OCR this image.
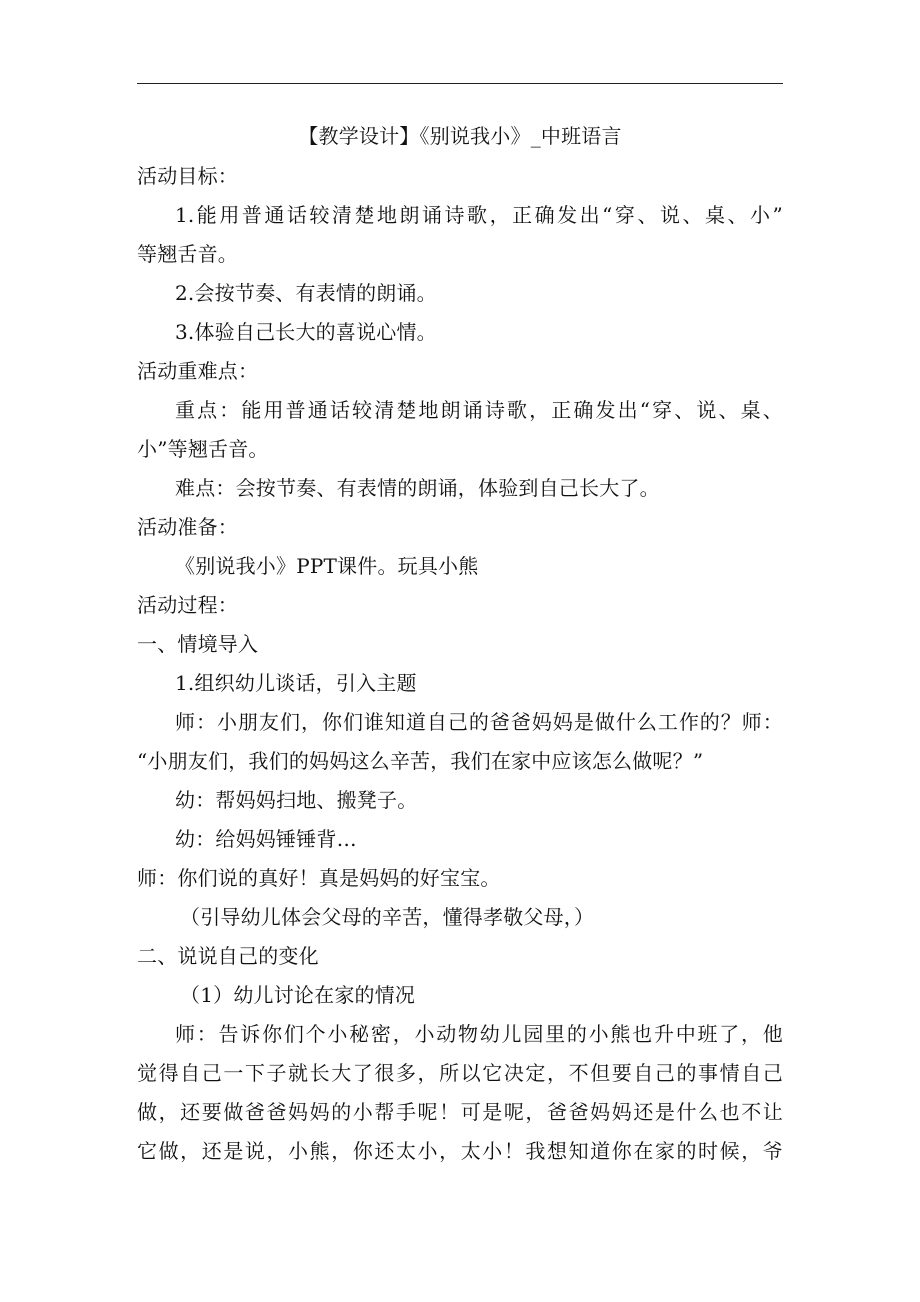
【教学设计】《别说我小》_中班语言
活动目标：
1.能用普通话较清楚地朗诵诗歌，正确发出“穿、说、桌、小”
等翘舌音。
2.会按节奏、有表情的朗诵。
3.体验自己长大的喜说心情。
活动重难点：
重点：能用普通话较清楚地朗诵诗歌，正确发出“穿、说、桌、
小”等翘舌音。
难点：会按节奏、有表情的朗诵，体验到自己长大了。
活动准备：
《别说我小》PPT课件。玩具小熊
活动过程：
一、情境导入
1.组织幼儿谈话，引入主题
师：小朋友们，你们谁知道自己的爸爸妈妈是做什么工作的？师：
“小朋友们，我们的妈妈这么辛苦，我们在家中应该怎么做呢？”
幼：帮妈妈扫地、搬凳子。
幼：给妈妈锤锤背…
师：你们说的真好！真是妈妈的好宝宝。
（引导幼儿体会父母的辛苦，懂得孝敬父母，）
二、说说自己的变化
（1）幼儿讨论在家的情况
师：告诉你们个小秘密，小动物幼儿园里的小熊也升中班了，他
觉得自己一下子就长大了很多，所以它决定，不但要自己的事情自己
做，还要做爸爸妈妈的小帮手呢！可是呢，爸爸妈妈还是什么也不让
它做，还是说，小熊，你还太小，太小！我想知道你在家的时候，爷
